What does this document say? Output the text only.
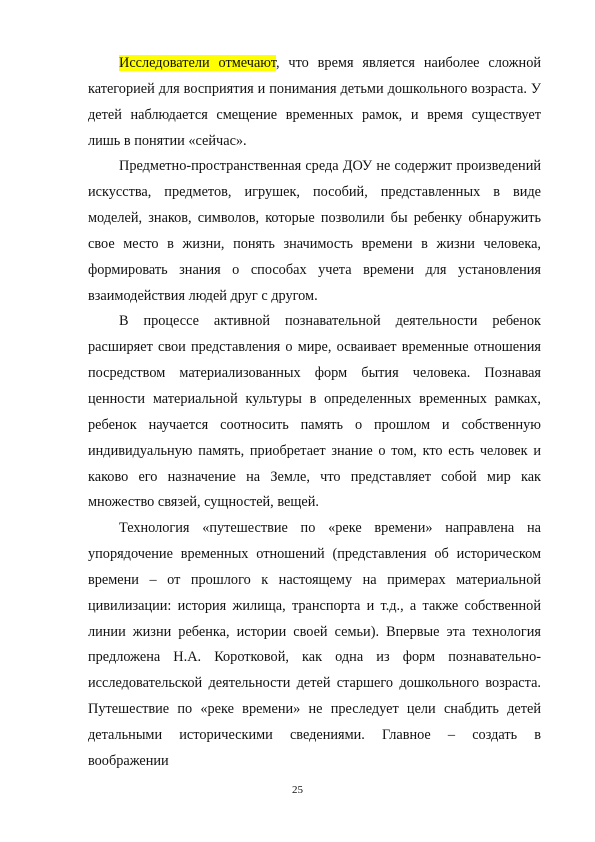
Исследователи отмечают, что время является наиболее сложной категорией для восприятия и понимания детьми дошкольного возраста. У детей наблюдается смещение временных рамок, и время существует лишь в понятии «сейчас».

Предметно-пространственная среда ДОУ не содержит произведений искусства, предметов, игрушек, пособий, представленных в виде моделей, знаков, символов, которые позволили бы ребенку обнаружить свое место в жизни, понять значимость времени в жизни человека, формировать знания о способах учета времени для установления взаимодействия людей друг с другом.

В процессе активной познавательной деятельности ребенок расширяет свои представления о мире, осваивает временные отношения посредством материализованных форм бытия человека. Познавая ценности материальной культуры в определенных временных рамках, ребенок научается соотносить память о прошлом и собственную индивидуальную память, приобретает знание о том, кто есть человек и каково его назначение на Земле, что представляет собой мир как множество связей, сущностей, вещей.

Технология «путешествие по «реке времени» направлена на упорядочение временных отношений (представления об историческом времени – от прошлого к настоящему на примерах материальной цивилизации: история жилища, транспорта и т.д., а также собственной линии жизни ребенка, истории своей семьи). Впервые эта технология предложена Н.А. Коротковой, как одна из форм познавательно-исследовательской деятельности детей старшего дошкольного возраста. Путешествие по «реке времени» не преследует цели снабдить детей детальными историческими сведениями. Главное – создать в воображении

25
